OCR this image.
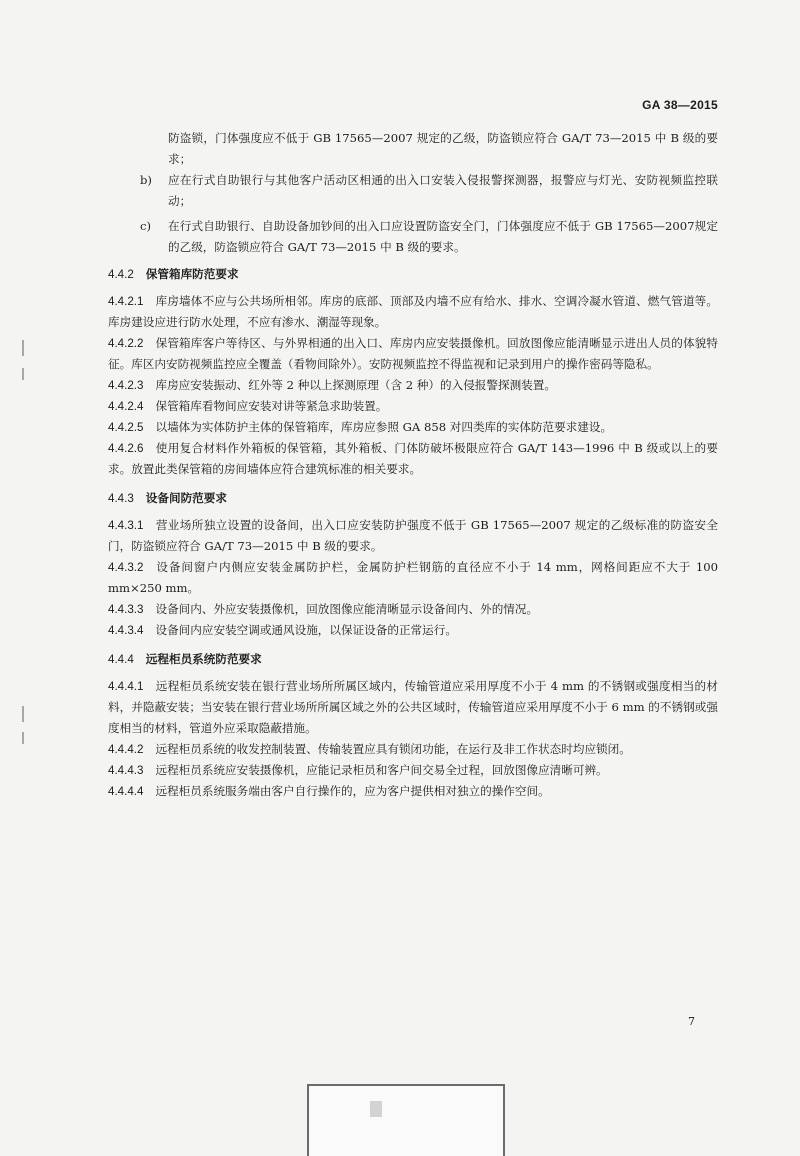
GA 38—2015

防盗锁，门体强度应不低于 GB 17565—2007 规定的乙级，防盗锁应符合 GA/T 73—2015 中 B 级的要求；

b)	应在行式自助银行与其他客户活动区相通的出入口安装入侵报警探测器，报警应与灯光、安防视频监控联动；
c)	在行式自助银行、自助设备加钞间的出入口应设置防盗安全门，门体强度应不低于 GB 17565—2007规定的乙级，防盗锁应符合 GA/T 73—2015 中 B 级的要求。
4.4.2 保管箱库防范要求

4.4.2.1 库房墙体不应与公共场所相邻。库房的底部、顶部及内墙不应有给水、排水、空调冷凝水管道、燃气管道等。库房建设应进行防水处理，不应有渗水、潮湿等现象。

4.4.2.2 保管箱库客户等待区、与外界相通的出入口、库房内应安装摄像机。回放图像应能清晰显示进出人员的体貌特征。库区内安防视频监控应全覆盖（看物间除外）。安防视频监控不得监视和记录到用户的操作密码等隐私。

4.4.2.3 库房应安装振动、红外等 2 种以上探测原理（含 2 种）的入侵报警探测装置。

4.4.2.4 保管箱库看物间应安装对讲等紧急求助装置。

4.4.2.5 以墙体为实体防护主体的保管箱库，库房应参照 GA 858 对四类库的实体防范要求建设。

4.4.2.6 使用复合材料作外箱板的保管箱，其外箱板、门体防破坏极限应符合 GA/T 143—1996 中 B 级或以上的要求。放置此类保管箱的房间墙体应符合建筑标准的相关要求。

4.4.3 设备间防范要求

4.4.3.1 营业场所独立设置的设备间，出入口应安装防护强度不低于 GB 17565—2007 规定的乙级标准的防盗安全门，防盗锁应符合 GA/T 73—2015 中 B 级的要求。

4.4.3.2 设备间窗户内侧应安装金属防护栏，金属防护栏钢筋的直径应不小于 14 mm，网格间距应不大于 100 mm×250 mm。

4.4.3.3 设备间内、外应安装摄像机，回放图像应能清晰显示设备间内、外的情况。

4.4.3.4 设备间内应安装空调或通风设施，以保证设备的正常运行。

4.4.4 远程柜员系统防范要求

4.4.4.1 远程柜员系统安装在银行营业场所所属区域内，传输管道应采用厚度不小于 4 mm 的不锈钢或强度相当的材料，并隐蔽安装；当安装在银行营业场所所属区域之外的公共区域时，传输管道应采用厚度不小于 6 mm 的不锈钢或强度相当的材料，管道外应采取隐蔽措施。

4.4.4.2 远程柜员系统的收发控制装置、传输装置应具有锁闭功能，在运行及非工作状态时均应锁闭。

4.4.4.3 远程柜员系统应安装摄像机，应能记录柜员和客户间交易全过程，回放图像应清晰可辨。

4.4.4.4 远程柜员系统服务端由客户自行操作的，应为客户提供相对独立的操作空间。

7
